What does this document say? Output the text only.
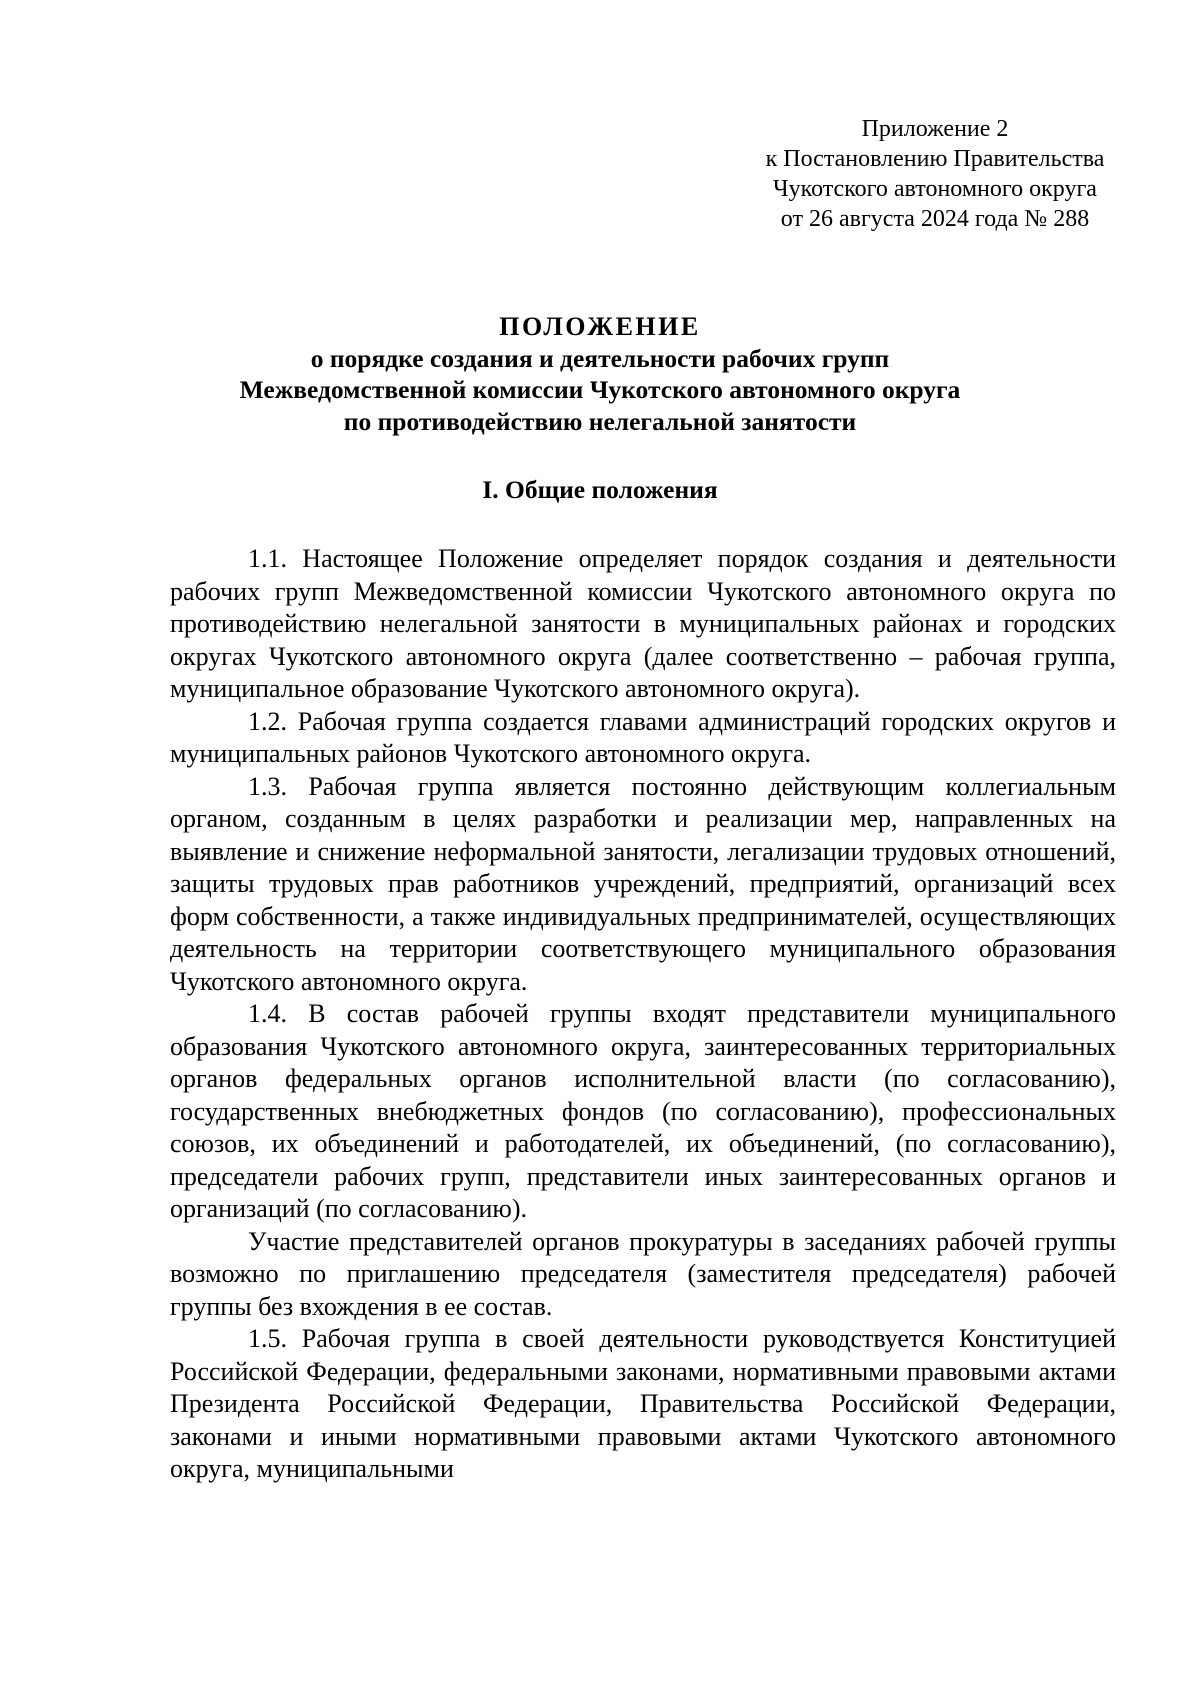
Приложение 2
к Постановлению Правительства
Чукотского автономного округа
от 26 августа 2024 года № 288
ПОЛОЖЕНИЕ
о порядке создания и деятельности рабочих групп
Межведомственной комиссии Чукотского автономного округа
по противодействию нелегальной занятости
I. Общие положения

1.1. Настоящее Положение определяет порядок создания и деятельности рабочих групп Межведомственной комиссии Чукотского автономного округа по противодействию нелегальной занятости в муниципальных районах и городских округах Чукотского автономного округа (далее соответственно – рабочая группа, муниципальное образование Чукотского автономного округа).

1.2. Рабочая группа создается главами администраций городских округов и муниципальных районов Чукотского автономного округа.

1.3. Рабочая группа является постоянно действующим коллегиальным органом, созданным в целях разработки и реализации мер, направленных на выявление и снижение неформальной занятости, легализации трудовых отношений, защиты трудовых прав работников учреждений, предприятий, организаций всех форм собственности, а также индивидуальных предпринимателей, осуществляющих деятельность на территории соответствующего муниципального образования Чукотского автономного округа.

1.4. В состав рабочей группы входят представители муниципального образования Чукотского автономного округа, заинтересованных территориальных органов федеральных органов исполнительной власти (по согласованию), государственных внебюджетных фондов (по согласованию), профессиональных союзов, их объединений и работодателей, их объединений, (по согласованию), председатели рабочих групп, представители иных заинтересованных органов и организаций (по согласованию).

Участие представителей органов прокуратуры в заседаниях рабочей группы возможно по приглашению председателя (заместителя председателя) рабочей группы без вхождения в ее состав.

1.5. Рабочая группа в своей деятельности руководствуется Конституцией Российской Федерации, федеральными законами, нормативными правовыми актами Президента Российской Федерации, Правительства Российской Федерации, законами и иными нормативными правовыми актами Чукотского автономного округа, муниципальными
